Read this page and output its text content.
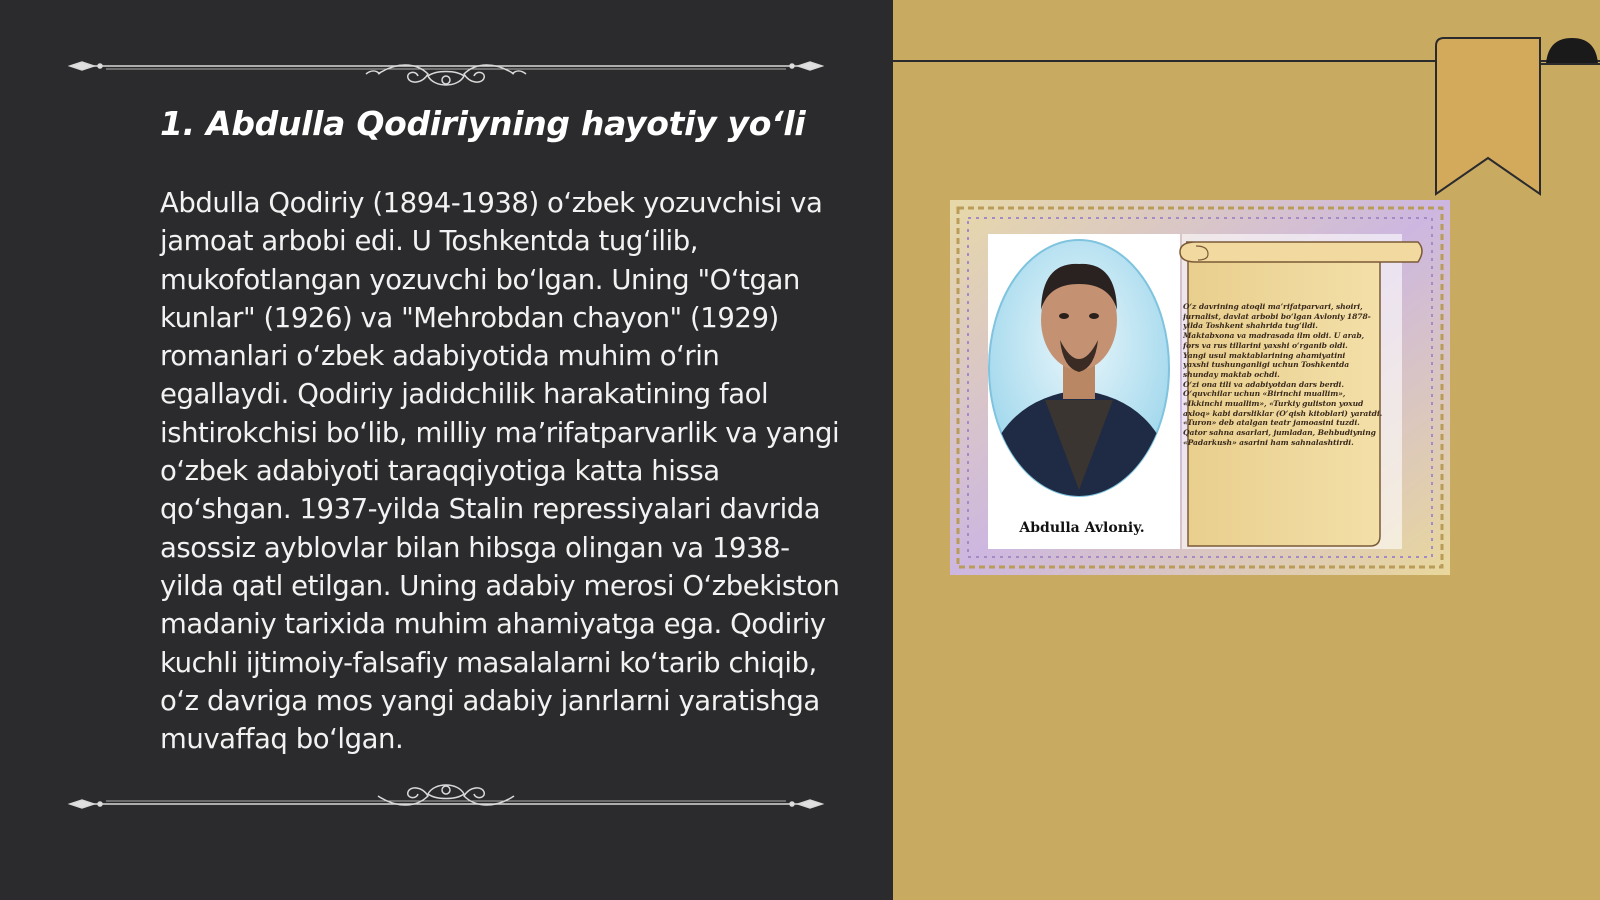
1. Abdulla Qodiriyning hayotiy yo‘li

Abdulla Qodiriy (1894-1938) o‘zbek yozuvchisi va jamoat arbobi edi. U Toshkentda tug‘ilib, mukofotlangan yozuvchi bo‘lgan. Uning "O‘tgan kunlar" (1926) va "Mehrobdan chayon" (1929) romanlari o‘zbek adabiyotida muhim o‘rin egallaydi. Qodiriy jadidchilik harakatining faol ishtirokchisi bo‘lib, milliy ma’rifatparvarlik va yangi o‘zbek adabiyoti taraqqiyotiga katta hissa qo‘shgan. 1937-yilda Stalin repressiyalari davrida asossiz ayblovlar bilan hibsga olingan va 1938-yilda qatl etilgan. Uning adabiy merosi O‘zbekiston madaniy tarixida muhim ahamiyatga ega. Qodiriy kuchli ijtimoiy-falsafiy masalalarni ko‘tarib chiqib, o‘z davriga mos yangi adabiy janrlarni yaratishga muvaffaq bo‘lgan.

Abdulla Avloniy.
O‘z davrining atoqli ma’rifatparvari, shoiri,
jurnalist, davlat arbobi bo‘lgan Avloniy 1878-
yilda Toshkent shahrida tug‘ildi.
Maktabxona va madrasada ilm oldi. U arab,
fors va rus tillarini yaxshi o‘rganib oldi.
Yangi usul maktablarining ahamiyatini
yaxshi tushunganligi uchun Toshkentda
shunday maktab ochdi.
O‘zi ona tili va adabiyotdan dars berdi.
O‘quvchilar uchun «Birinchi muallim»,
«Ikkinchi muallim», «Turkiy guliston yoxud
axloq» kabi darsliklar (O‘qish kitoblari) yaratdi.
«Turon» deb atalgan teatr jamoasini tuzdi.
Qator sahna asarlari, jumladan, Behbudiyning
«Padarkush» asarini ham sahnalashtirdi.
